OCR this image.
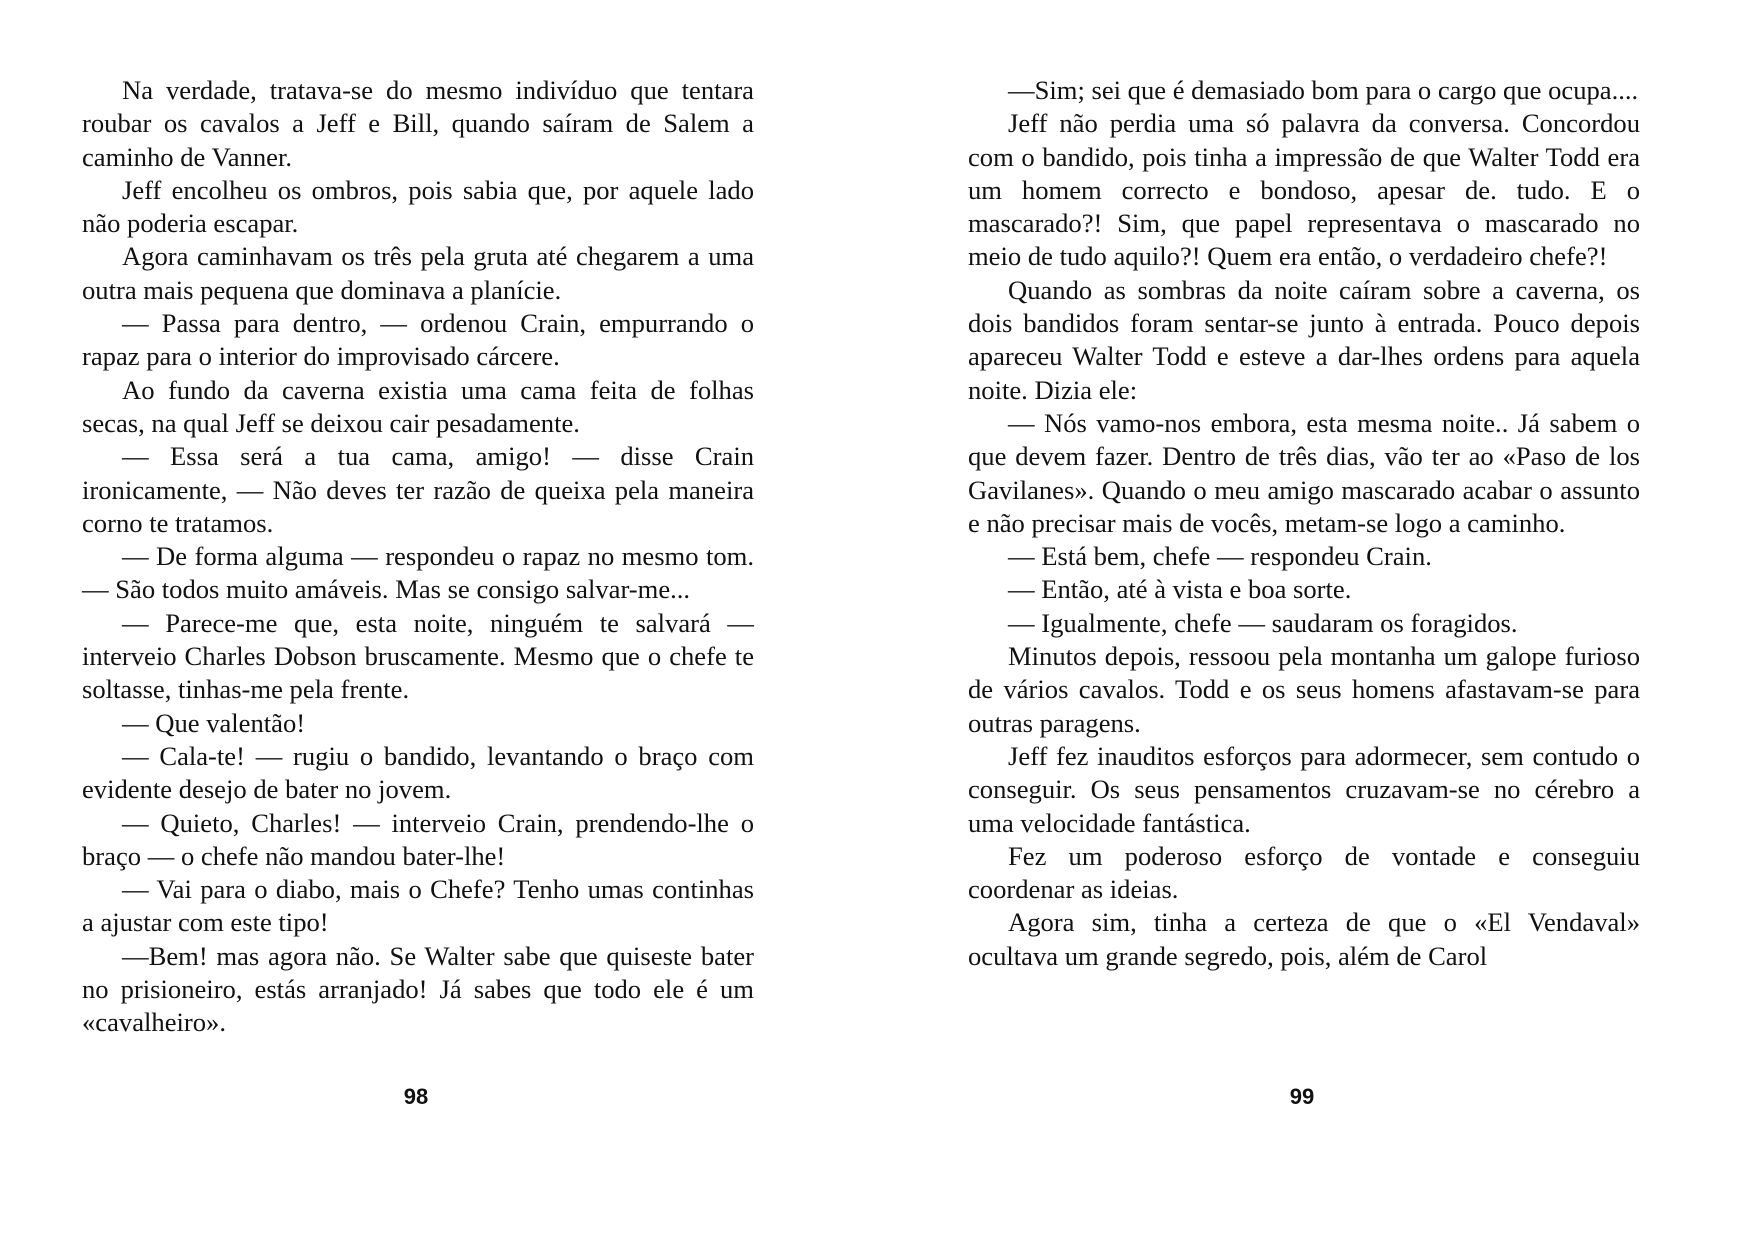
Na verdade, tratava-se do mesmo indivíduo que tentara roubar os cavalos a Jeff e Bill, quando saíram de Salem a caminho de Vanner.

Jeff encolheu os ombros, pois sabia que, por aquele lado não poderia escapar.

Agora caminhavam os três pela gruta até chegarem a uma outra mais pequena que dominava a planície.

— Passa para dentro, — ordenou Crain, empurrando o rapaz para o interior do improvisado cárcere.

Ao fundo da caverna existia uma cama feita de folhas secas, na qual Jeff se deixou cair pesadamente.

— Essa será a tua cama, amigo! — disse Crain ironicamente, — Não deves ter razão de queixa pela maneira corno te tratamos.

— De forma alguma — respondeu o rapaz no mesmo tom.— São todos muito amáveis. Mas se consigo salvar-me...

— Parece-me que, esta noite, ninguém te salvará — interveio Charles Dobson bruscamente. Mesmo que o chefe te soltasse, tinhas-me pela frente.

— Que valentão!

— Cala-te! — rugiu o bandido, levantando o braço com evidente desejo de bater no jovem.

— Quieto, Charles! — interveio Crain, prendendo-lhe o braço — o chefe não mandou bater-lhe!

— Vai para o diabo, mais o Chefe? Tenho umas continhas a ajustar com este tipo!

—Bem! mas agora não. Se Walter sabe que quiseste bater no prisioneiro, estás arranjado! Já sabes que todo ele é um «cavalheiro».

98

—Sim; sei que é demasiado bom para o cargo que ocupa....

Jeff não perdia uma só palavra da conversa. Concordou com o bandido, pois tinha a impressão de que Walter Todd era um homem correcto e bondoso, apesar de. tudo. E o mascarado?! Sim, que papel representava o mascarado no meio de tudo aquilo?! Quem era então, o verdadeiro chefe?!

Quando as sombras da noite caíram sobre a caverna, os dois bandidos foram sentar-se junto à entrada. Pouco depois apareceu Walter Todd e esteve a dar-lhes ordens para aquela noite. Dizia ele:

— Nós vamo-nos embora, esta mesma noite.. Já sabem o que devem fazer. Dentro de três dias, vão ter ao «Paso de los Gavilanes». Quando o meu amigo mascarado acabar o assunto e não precisar mais de vocês, metam-se logo a caminho.

— Está bem, chefe — respondeu Crain.

— Então, até à vista e boa sorte.

— Igualmente, chefe — saudaram os foragidos.

Minutos depois, ressoou pela montanha um galope furioso de vários cavalos. Todd e os seus homens afastavam-se para outras paragens.

Jeff fez inauditos esforços para adormecer, sem contudo o conseguir. Os seus pensamentos cruzavam-se no cérebro a uma velocidade fantástica.

Fez um poderoso esforço de vontade e conseguiu coordenar as ideias.

Agora sim, tinha a certeza de que o «El Vendaval» ocultava um grande segredo, pois, além de Carol

99
